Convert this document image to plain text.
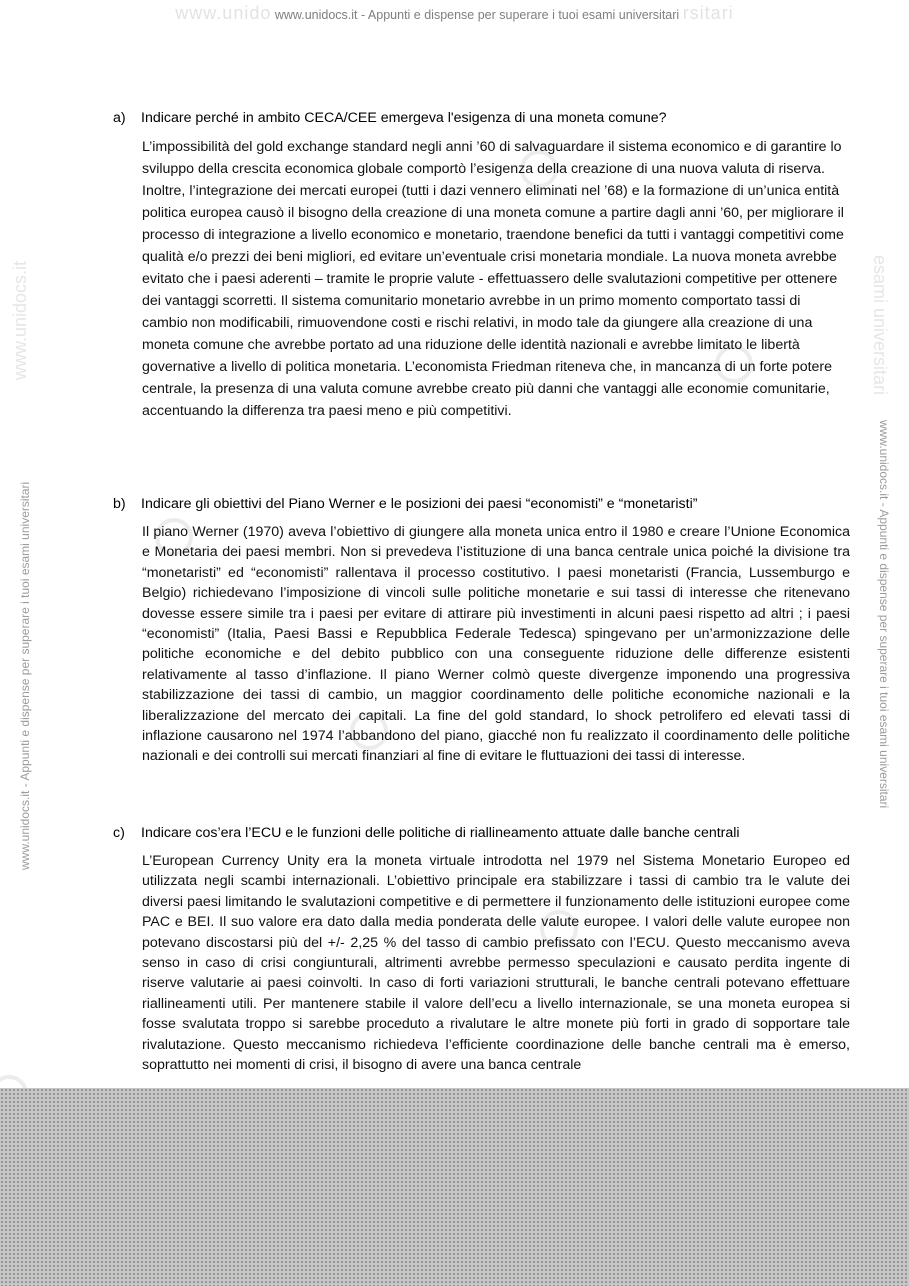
www.unido www.unidocs.it - Appunti e dispense per superare i tuoi esami universitari rsitari
www.unidocs.it
www.unidocs.it - Appunti e dispense per superare i tuoi esami universitari
esami universitari
www.unidocs.it - Appunti e dispense per superare i tuoi esami universitari
a)	Indicare perché in ambito CECA/CEE emergeva l'esigenza di una moneta comune?
L’impossibilità del gold exchange standard negli anni ’60 di salvaguardare il sistema economico e di garantire lo sviluppo della crescita economica globale comportò l’esigenza della creazione di una nuova valuta di riserva. Inoltre, l’integrazione dei mercati europei (tutti i dazi vennero eliminati nel ’68) e la formazione di un’unica entità politica europea causò il bisogno della creazione di una moneta comune a partire dagli anni ’60, per migliorare il processo di integrazione a livello economico e monetario, traendone benefici da tutti i vantaggi competitivi come qualità e/o prezzi dei beni migliori, ed evitare un’eventuale crisi monetaria mondiale. La nuova moneta avrebbe evitato che i paesi aderenti – tramite le proprie valute - effettuassero delle svalutazioni competitive per ottenere dei vantaggi scorretti. Il sistema comunitario monetario avrebbe in un primo momento comportato tassi di cambio non modificabili, rimuovendone costi e rischi relativi, in modo tale da giungere alla creazione di una moneta comune che avrebbe portato ad una riduzione delle identità nazionali e avrebbe limitato le libertà governative a livello di politica monetaria. L’economista Friedman riteneva che, in mancanza di un forte potere centrale, la presenza di una valuta comune avrebbe creato più danni che vantaggi alle economie comunitarie, accentuando la differenza tra paesi meno e più competitivi.
b)	Indicare gli obiettivi del Piano Werner e le posizioni dei paesi “economisti” e “monetaristi”
Il piano Werner (1970) aveva l’obiettivo di giungere alla moneta unica entro il 1980 e creare l’Unione Economica e Monetaria dei paesi membri. Non si prevedeva l’istituzione di una banca centrale unica poiché la divisione tra “monetaristi” ed “economisti” rallentava il processo costitutivo. I paesi monetaristi (Francia, Lussemburgo e Belgio) richiedevano l’imposizione di vincoli sulle politiche monetarie e sui tassi di interesse che ritenevano dovesse essere simile tra i paesi per evitare di attirare più investimenti in alcuni paesi rispetto ad altri ; i paesi “economisti” (Italia, Paesi Bassi e Repubblica Federale Tedesca) spingevano per un’armonizzazione delle politiche economiche e del debito pubblico con una conseguente riduzione delle differenze esistenti relativamente al tasso d’inflazione. Il piano Werner colmò queste divergenze imponendo una progressiva stabilizzazione dei tassi di cambio, un maggior coordinamento delle politiche economiche nazionali e la liberalizzazione del mercato dei capitali. La fine del gold standard, lo shock petrolifero ed elevati tassi di inflazione causarono nel 1974 l’abbandono del piano, giacché non fu realizzato il coordinamento delle politiche nazionali e dei controlli sui mercati finanziari al fine di evitare le fluttuazioni dei tassi di interesse.
c)	Indicare cos’era l’ECU e le funzioni delle politiche di riallineamento attuate dalle banche centrali
L’European Currency Unity era la moneta virtuale introdotta nel 1979 nel Sistema Monetario Europeo ed utilizzata negli scambi internazionali. L’obiettivo principale era stabilizzare i tassi di cambio tra le valute dei diversi paesi limitando le svalutazioni competitive e di permettere il funzionamento delle istituzioni europee come PAC e BEI. Il suo valore era dato dalla media ponderata delle valute europee. I valori delle valute europee non potevano discostarsi più del +/- 2,25 % del tasso di cambio prefissato con l’ECU. Questo meccanismo aveva senso in caso di crisi congiunturali, altrimenti avrebbe permesso speculazioni e causato perdita ingente di riserve valutarie ai paesi coinvolti. In caso di forti variazioni strutturali, le banche centrali potevano effettuare riallineamenti utili. Per mantenere stabile il valore dell’ecu a livello internazionale, se una moneta europea si fosse svalutata troppo si sarebbe proceduto a rivalutare le altre monete più forti in grado di sopportare tale rivalutazione. Questo meccanismo richiedeva l’efficiente coordinazione delle banche centrali ma è emerso, soprattutto nei momenti di crisi, il bisogno di avere una banca centrale
